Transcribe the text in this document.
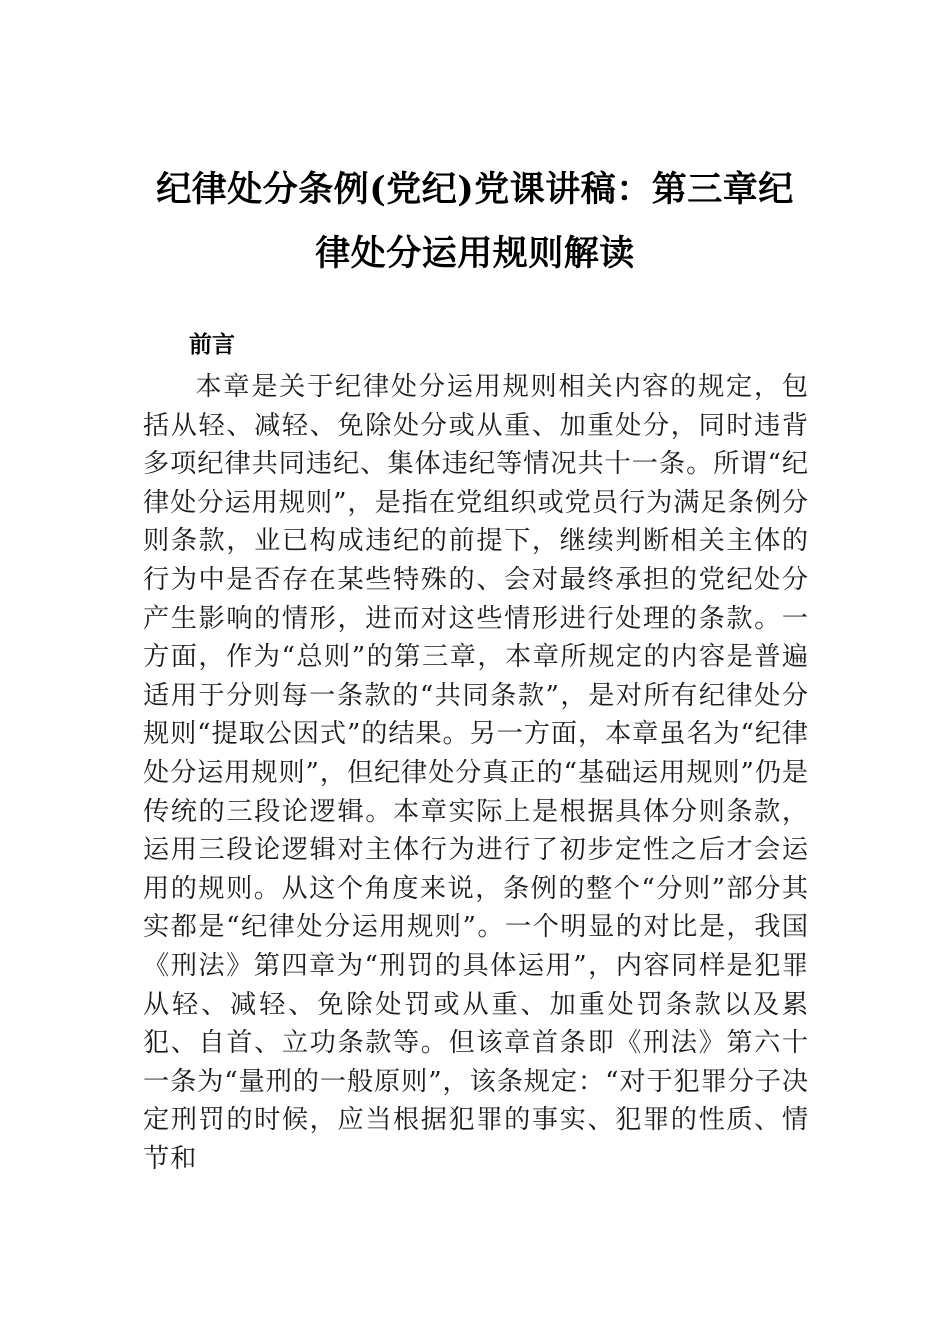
纪律处分条例(党纪)党课讲稿：第三章纪律处分运用规则解读
前言

本章是关于纪律处分运用规则相关内容的规定，包括从轻、减轻、免除处分或从重、加重处分，同时违背多项纪律共同违纪、集体违纪等情况共十一条。所谓“纪律处分运用规则”，是指在党组织或党员行为满足条例分则条款，业已构成违纪的前提下，继续判断相关主体的行为中是否存在某些特殊的、会对最终承担的党纪处分产生影响的情形，进而对这些情形进行处理的条款。一方面，作为“总则”的第三章，本章所规定的内容是普遍适用于分则每一条款的“共同条款”，是对所有纪律处分规则“提取公因式”的结果。另一方面，本章虽名为“纪律处分运用规则”，但纪律处分真正的“基础运用规则”仍是传统的三段论逻辑。本章实际上是根据具体分则条款，运用三段论逻辑对主体行为进行了初步定性之后才会运用的规则。从这个角度来说，条例的整个“分则”部分其实都是“纪律处分运用规则”。一个明显的对比是，我国《刑法》第四章为“刑罚的具体运用”，内容同样是犯罪从轻、减轻、免除处罚或从重、加重处罚条款以及累犯、自首、立功条款等。但该章首条即《刑法》第六十一条为“量刑的一般原则”，该条规定：“对于犯罪分子决定刑罚的时候，应当根据犯罪的事实、犯罪的性质、情节和
